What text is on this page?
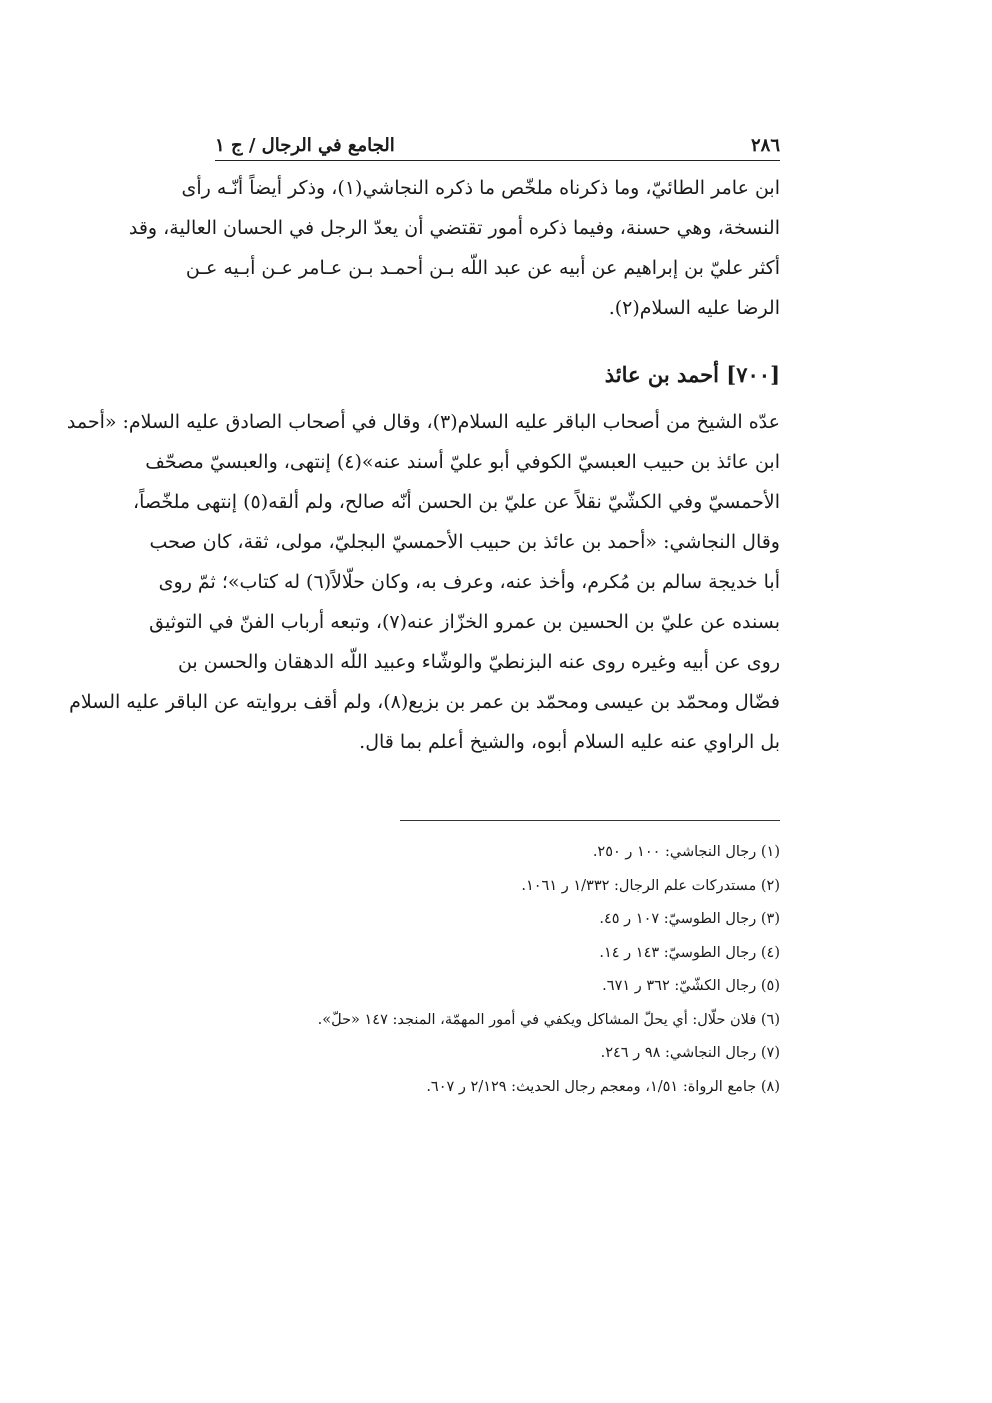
٢٨٦
الجامع في الرجال / ج ١
ابن عامر الطائيّ، وما ذكرناه ملخّص ما ذكره النجاشي(١)، وذكر أيضاً أنّـه رأى
النسخة، وهي حسنة، وفيما ذكره أمور تقتضي أن يعدّ الرجل في الحسان العالية، وقد
أكثر عليّ بن إبراهيم عن أبيه عن عبد اللّه بـن أحمـد بـن عـامر عـن أبـيه عـن
الرضا عليه السلام(٢).
[٧٠٠] أحمد بن عائذ
عدّه الشيخ من أصحاب الباقر عليه السلام(٣)، وقال في أصحاب الصادق عليه السلام: «أحمد
ابن عائذ بن حبيب العبسيّ الكوفي أبو عليّ أسند عنه»(٤) إنتهى، والعبسيّ مصحّف
الأحمسيّ وفي الكشّيّ نقلاً عن عليّ بن الحسن أنّه صالح، ولم ألقه(٥) إنتهى ملخّصاً،
وقال النجاشي: «أحمد بن عائذ بن حبيب الأحمسيّ البجليّ، مولى، ثقة، كان صحب
أبا خديجة سالم بن مُكرم، وأخذ عنه، وعرف به، وكان حلّالاً(٦) له كتاب»؛ ثمّ روى
بسنده عن عليّ بن الحسين بن عمرو الخزّاز عنه(٧)، وتبعه أرباب الفنّ في التوثيق
روى عن أبيه وغيره روى عنه البزنطيّ والوشّاء وعبيد اللّه الدهقان والحسن بن
فضّال ومحمّد بن عيسى ومحمّد بن عمر بن بزيع(٨)، ولم أقف بروايته عن الباقر عليه السلام
بل الراوي عنه عليه السلام أبوه، والشيخ أعلم بما قال.
(١) رجال النجاشي: ١٠٠ ر ٢٥٠.
(٢) مستدركات علم الرجال: ١/٣٣٢ ر ١٠٦١.
(٣) رجال الطوسيّ: ١٠٧ ر ٤٥.
(٤) رجال الطوسيّ: ١٤٣ ر ١٤.
(٥) رجال الكشّيّ: ٣٦٢ ر ٦٧١.
(٦) فلان حلّال: أي يحلّ المشاكل ويكفي في أمور المهمّة، المنجد: ١٤٧ «حلّ».
(٧) رجال النجاشي: ٩٨ ر ٢٤٦.
(٨) جامع الرواة: ١/٥١، ومعجم رجال الحديث: ٢/١٢٩ ر ٦٠٧.
